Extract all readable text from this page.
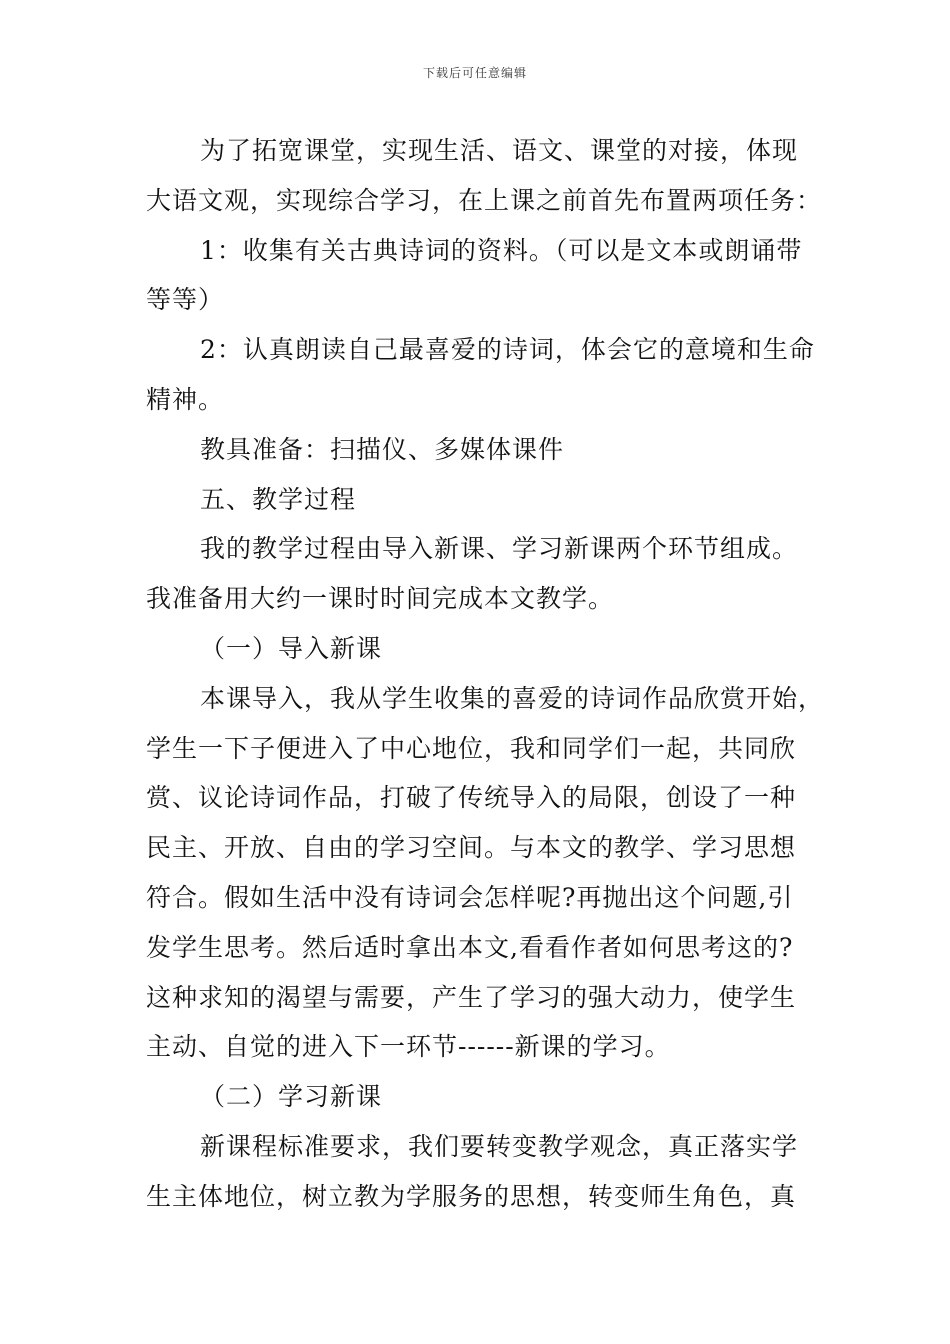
下载后可任意编辑

为了拓宽课堂，实现生活、语文、课堂的对接，体现

大语文观，实现综合学习，在上课之前首先布置两项任务：

1：收集有关古典诗词的资料。（可以是文本或朗诵带

等等）

2：认真朗读自己最喜爱的诗词，体会它的意境和生命

精神。

教具准备：扫描仪、多媒体课件

五、教学过程

我的教学过程由导入新课、学习新课两个环节组成。

我准备用大约一课时时间完成本文教学。

（一）导入新课

本课导入，我从学生收集的喜爱的诗词作品欣赏开始，

学生一下子便进入了中心地位，我和同学们一起，共同欣

赏、议论诗词作品，打破了传统导入的局限，创设了一种

民主、开放、自由的学习空间。与本文的教学、学习思想

符合。假如生活中没有诗词会怎样呢?再抛出这个问题,引

发学生思考。然后适时拿出本文,看看作者如何思考这的?

这种求知的渴望与需要，产生了学习的强大动力，使学生

主动、自觉的进入下一环节------新课的学习。

（二）学习新课

新课程标准要求，我们要转变教学观念，真正落实学

生主体地位，树立教为学服务的思想，转变师生角色，真
